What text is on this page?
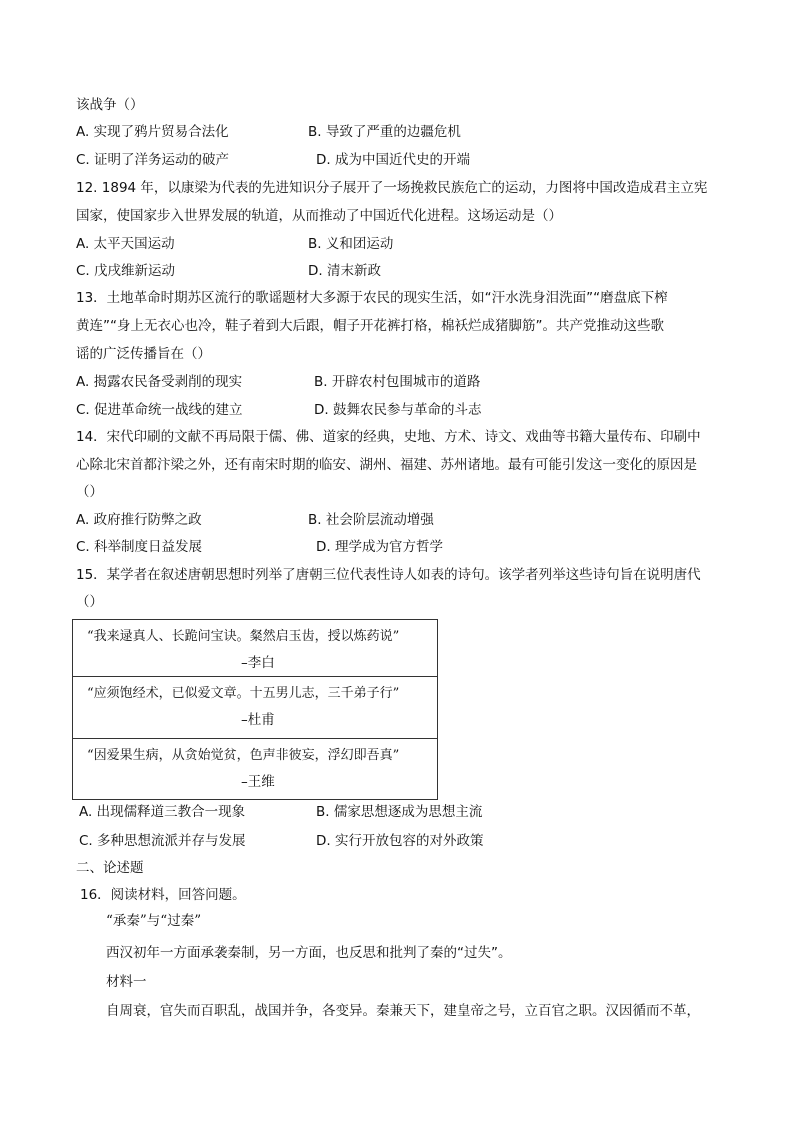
该战争（）
A. 实现了鸦片贸易合法化	B. 导致了严重的边疆危机
C. 证明了洋务运动的破产	D. 成为中国近代史的开端
12. 1894 年，以康梁为代表的先进知识分子展开了一场挽救民族危亡的运动，力图将中国改造成君主立宪
国家，使国家步入世界发展的轨道，从而推动了中国近代化进程。这场运动是（）
A. 太平天国运动	B. 义和团运动
C. 戊戌维新运动	D. 清末新政
13．土地革命时期苏区流行的歌谣题材大多源于农民的现实生活，如“汗水洗身泪洗面”“磨盘底下榨
黄连”“身上无衣心也冷，鞋子着到大后跟，帽子开花裤打格，棉袄烂成猪脚筋”。共产党推动这些歌
谣的广泛传播旨在（）
A. 揭露农民备受剥削的现实	B. 开辟农村包围城市的道路
C. 促进革命统一战线的建立	D. 鼓舞农民参与革命的斗志
14．宋代印刷的文献不再局限于儒、佛、道家的经典，史地、方术、诗文、戏曲等书籍大量传布、印刷中
心除北宋首都汴梁之外，还有南宋时期的临安、湖州、福建、苏州诸地。最有可能引发这一变化的原因是
（）
A. 政府推行防弊之政	B. 社会阶层流动增强
C. 科举制度日益发展	D. 理学成为官方哲学
15．某学者在叙述唐朝思想时列举了唐朝三位代表性诗人如表的诗句。该学者列举这些诗句旨在说明唐代
（）
“我来逯真人、长跪问宝诀。粲然启玉齿，授以炼药说”
–李白
“应须饱经术，已似爱文章。十五男儿志，三千弟子行”
–杜甫
“因爱果生病，从贪始觉贫，色声非彼妄，浮幻即吾真”
–王维
A. 出现儒释道三教合一现象	B. 儒家思想逐成为思想主流
C. 多种思想流派并存与发展	D. 实行开放包容的对外政策
二、论述题
16．阅读材料，回答问题。
“承秦”与“过秦”
西汉初年一方面承袭秦制，另一方面，也反思和批判了秦的“过失”。
材料一
自周衰，官失而百职乱，战国并争，各变异。秦兼天下，建皇帝之号，立百官之职。汉因循而不革，
